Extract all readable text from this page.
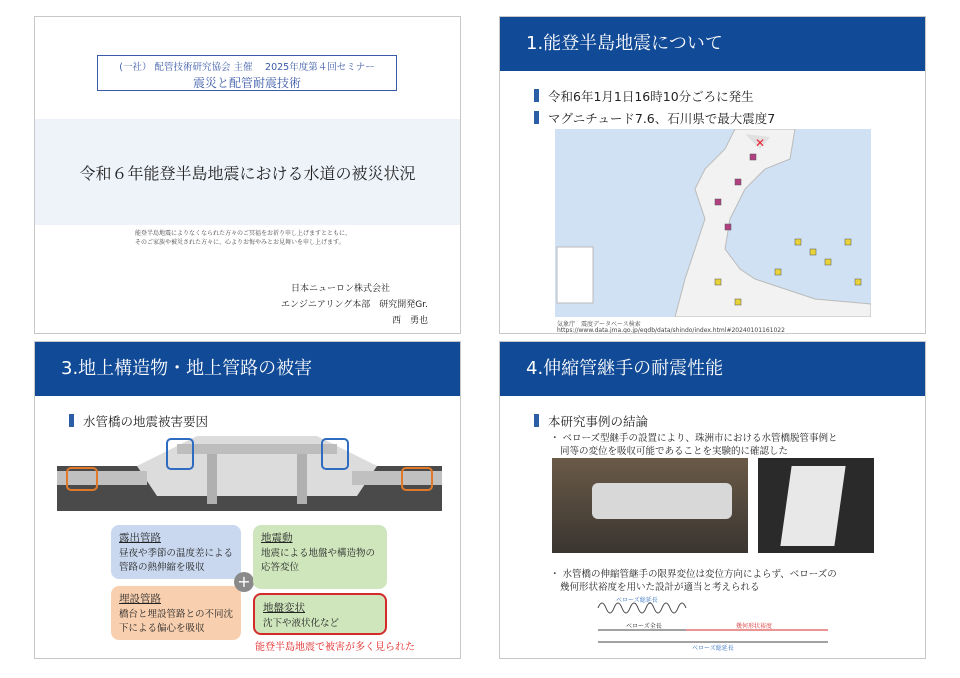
(一社） 配管技術研究協会 主催　 2025年度第４回セミナー
震災と配管耐震技術
令和６年能登半島地震における水道の被災状況
能登半島地震によりなくなられた方々のご冥福をお祈り申し上げますとともに、
そのご家族や被災された方々に、心よりお悔やみとお見舞いを申し上げます。
日本ニューロン株式会社
エンジニアリング本部　研究開発Gr.
西　勇也
1.能登半島地震について
令和6年1月1日16時10分ごろに発生
マグニチュード7.6、石川県で最大震度7
✕
気象庁　震度データベース検索
https://www.data.jma.go.jp/eqdb/data/shindo/index.html#20240101161022
3.地上構造物・地上管路の被害
水管橋の地震被害要因
露出管路
昼夜や季節の温度差による管路の熱伸縮を吸収
埋設管路
橋台と埋設管路との不同沈下による偏心を吸収
+
地震動
地震による地盤や構造物の応答変位
地盤変状
沈下や液状化など
能登半島地震で被害が多く見られた
4.伸縮管継手の耐震性能
本研究事例の結論
・ ベローズ型継手の設置により、珠洲市における水管橋脱管事例と
同等の変位を吸収可能であることを実験的に確認した
・ 水管橋の伸縮管継手の限界変位は変位方向によらず、ベローズの
幾何形状裕度を用いた設計が適当と考えられる
ベローズ総延長
ベローズ全長	幾何形状裕度
ベローズ総延長
